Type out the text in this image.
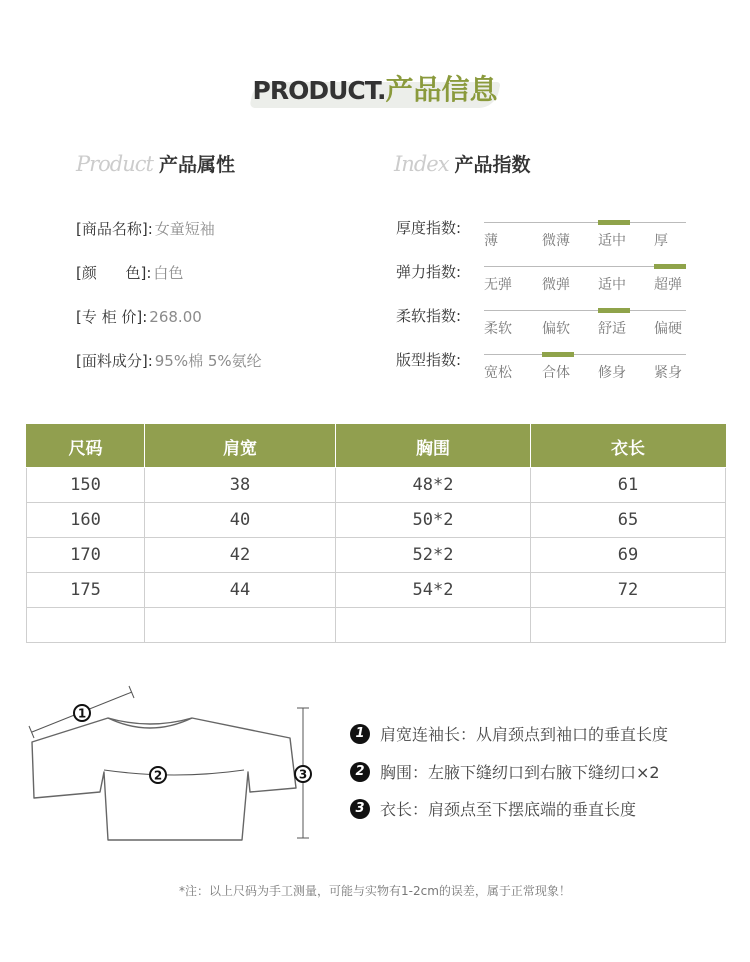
PRODUCT.产品信息
Product 产品属性	Index 产品指数
[商品名称]: 女童短袖
[颜      色]: 白色
[专 柜 价]: 268.00
[面料成分]: 95%棉 5%氨纶
厚度指数:
薄	微薄	适中	厚
弹力指数:
无弹	微弹	适中	超弹
柔软指数:
柔软	偏软	舒适	偏硬
版型指数:
宽松	合体	修身	紧身
尺码	肩宽	胸围	衣长
150	38	48*2	61
160	40	50*2	65
170	42	52*2	69
175	44	54*2	72

1
2	3
1 肩宽连袖长：从肩颈点到袖口的垂直长度
2 胸围：左腋下缝纫口到右腋下缝纫口×2
3 衣长：肩颈点至下摆底端的垂直长度
*注：以上尺码为手工测量，可能与实物有1-2cm的误差，属于正常现象！
